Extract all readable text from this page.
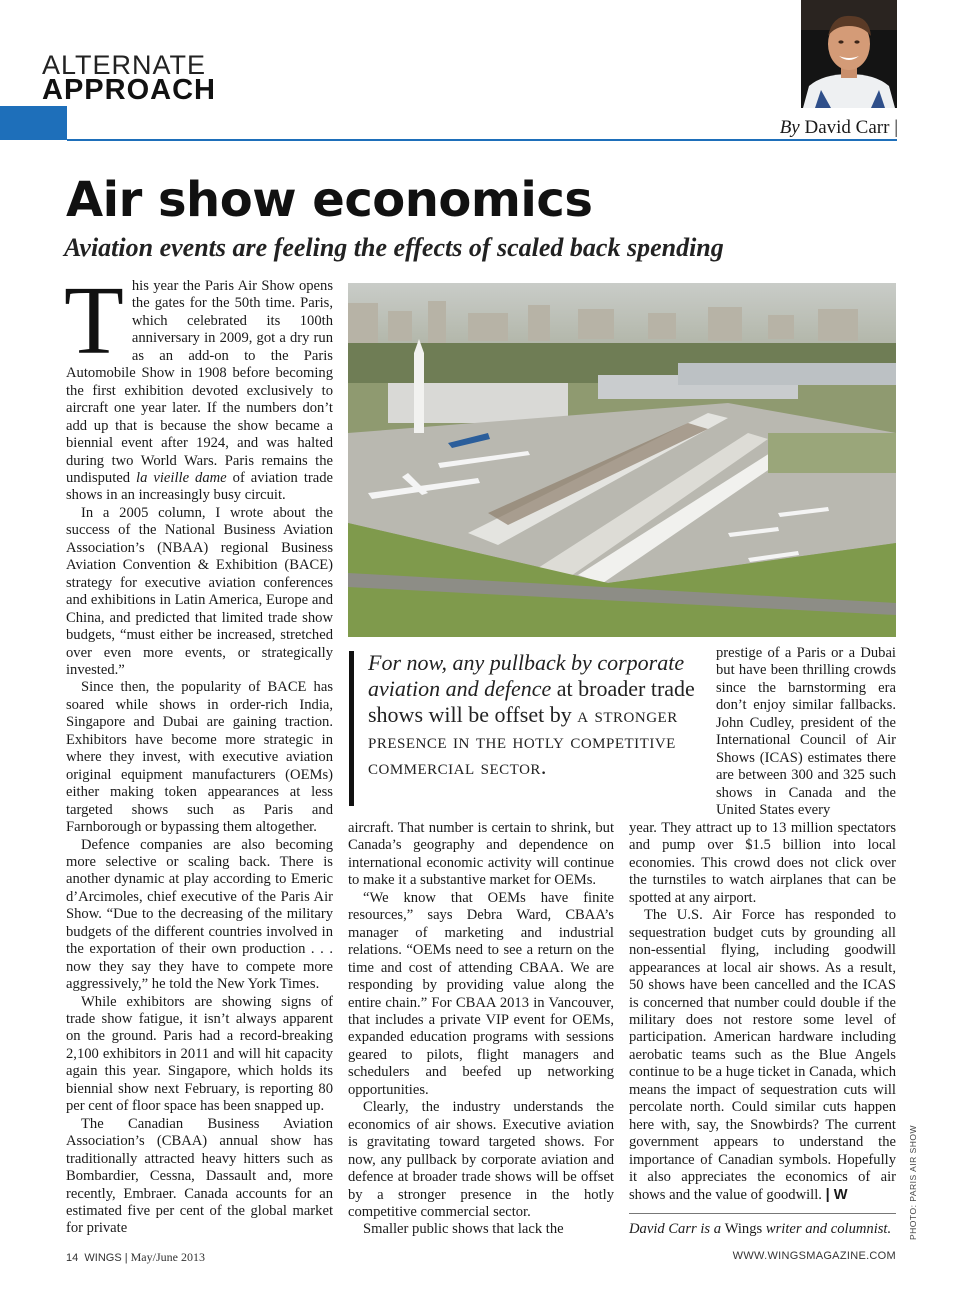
ALTERNATE
APPROACH
By David Carr |
Air show economics
Aviation events are feeling the effects of scaled back spending

This year the Paris Air Show opens the gates for the 50th time. Paris, which celebrated its 100th anniversary in 2009, got a dry run as an add-on to the Paris Automobile Show in 1908 before becoming the first exhibition devoted exclusively to aircraft one year later. If the numbers don’t add up that is because the show became a biennial event after 1924, and was halted during two World Wars. Paris remains the undisputed la vieille dame of aviation trade shows in an increasingly busy circuit.

In a 2005 column, I wrote about the success of the National Business Aviation Association’s (NBAA) regional Business Aviation Convention & Exhibition (BACE) strategy for executive aviation conferences and exhibitions in Latin America, Europe and China, and predicted that limited trade show budgets, “must either be increased, stretched over even more events, or strategically invested.”

Since then, the popularity of BACE has soared while shows in order-rich India, Singapore and Dubai are gaining traction. Exhibitors have become more strategic in where they invest, with executive aviation original equipment manufacturers (OEMs) either making token appearances at less targeted shows such as Paris and Farnborough or bypassing them altogether.

Defence companies are also becoming more selective or scaling back. There is another dynamic at play according to Emeric d’Arcimoles, chief executive of the Paris Air Show. “Due to the decreasing of the military budgets of the different countries involved in the exportation of their own production . . . now they say they have to compete more aggressively,” he told the New York Times.

While exhibitors are showing signs of trade show fatigue, it isn’t always apparent on the ground. Paris had a record-breaking 2,100 exhibitors in 2011 and will hit capacity again this year. Singapore, which holds its biennial show next February, is reporting 80 per cent of floor space has been snapped up.

The Canadian Business Aviation Association’s (CBAA) annual show has traditionally attracted heavy hitters such as Bombardier, Cessna, Dassault and, more recently, Embraer. Canada accounts for an estimated five per cent of the global market for private

For now, any pullback by corporate aviation and defence at broader trade shows will be offset by a stronger presence in the hotly competitive commercial sector.

aircraft. That number is certain to shrink, but Canada’s geography and dependence on international economic activity will continue to make it a substantive market for OEMs.

“We know that OEMs have finite resources,” says Debra Ward, CBAA’s manager of marketing and industrial relations. “OEMs need to see a return on the time and cost of attending CBAA. We are responding by providing value along the entire chain.” For CBAA 2013 in Vancouver, that includes a private VIP event for OEMs, expanded education programs with sessions geared to pilots, flight managers and schedulers and beefed up networking opportunities.

Clearly, the industry understands the economics of air shows. Executive aviation is gravitating toward targeted shows. For now, any pullback by corporate aviation and defence at broader trade shows will be offset by a stronger presence in the hotly competitive commercial sector.

Smaller public shows that lack the

prestige of a Paris or a Dubai but have been thrilling crowds since the barnstorming era don’t enjoy similar fallbacks. John Cudley, president of the International Council of Air Shows (ICAS) estimates there are between 300 and 325 such shows in Canada and the United States every

year. They attract up to 13 million spectators and pump over $1.5 billion into local economies. This crowd does not click over the turnstiles to watch airplanes that can be spotted at any airport.

The U.S. Air Force has responded to sequestration budget cuts by grounding all non-essential flying, including goodwill appearances at local air shows. As a result, 50 shows have been cancelled and the ICAS is concerned that number could double if the military does not restore some level of participation. American hardware including aerobatic teams such as the Blue Angels continue to be a huge ticket in Canada, which means the impact of sequestration cuts will percolate north. Could similar cuts happen here with, say, the Snowbirds? The current government appears to understand the importance of Canadian symbols. Hopefully it also appreciates the economics of air shows and the value of goodwill. | W

David Carr is a Wings writer and columnist.	PHOTO: PARIS AIR SHOW
14 WINGS | May/June 2013	WWW.WINGSMAGAZINE.COM
